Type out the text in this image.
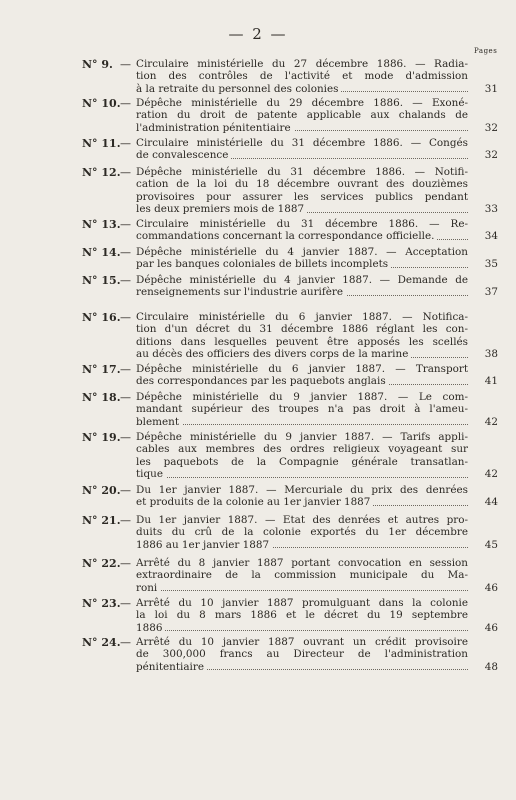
— 2 —
Pages
N° 9. — Circulaire ministérielle du 27 décembre 1886. — Radia-
tion des contrôles de l'activité et mode d'admission
à la retraite du personnel des colonies	31
N° 10. — Dépêche ministérielle du 29 décembre 1886. — Exoné-
ration du droit de patente applicable aux chalands de
l'administration pénitentiaire	32
N° 11. — Circulaire ministérielle du 31 décembre 1886. — Congés
de convalescence	32
N° 12. — Dépêche ministérielle du 31 décembre 1886. — Notifi-
cation de la loi du 18 décembre ouvrant des douzièmes
provisoires pour assurer les services publics pendant
les deux premiers mois de 1887	33
N° 13. — Circulaire ministérielle du 31 décembre 1886. — Re-
commandations concernant la correspondance officielle.	34
N° 14. — Dépêche ministérielle du 4 janvier 1887. — Acceptation
par les banques coloniales de billets incomplets	35
N° 15. — Dépêche ministérielle du 4 janvier 1887. — Demande de
renseignements sur l'industrie aurifère	37
N° 16. — Circulaire ministérielle du 6 janvier 1887. — Notifica-
tion d'un décret du 31 décembre 1886 réglant les con-
ditions dans lesquelles peuvent être apposés les scellés
au décès des officiers des divers corps de la marine	38
N° 17. — Dépêche ministérielle du 6 janvier 1887. — Transport
des correspondances par les paquebots anglais	41
N° 18. — Dépêche ministérielle du 9 janvier 1887. — Le com-
mandant supérieur des troupes n'a pas droit à l'ameu-
blement	42
N° 19. — Dépêche ministérielle du 9 janvier 1887. — Tarifs appli-
cables aux membres des ordres religieux voyageant sur
les paquebots de la Compagnie générale transatlan-
tique	42
N° 20. — Du 1er janvier 1887. — Mercuriale du prix des denrées
et produits de la colonie au 1er janvier 1887	44
N° 21. — Du 1er janvier 1887. — Etat des denrées et autres pro-
duits du crû de la colonie exportés du 1er décembre
1886 au 1er janvier 1887	45
N° 22. — Arrêté du 8 janvier 1887 portant convocation en session
extraordinaire de la commission municipale du Ma-
roni	46
N° 23. — Arrêté du 10 janvier 1887 promulguant dans la colonie
la loi du 8 mars 1886 et le décret du 19 septembre
1886	46
N° 24. — Arrêté du 10 janvier 1887 ouvrant un crédit provisoire
de 300,000 francs au Directeur de l'administration
pénitentiaire	48
